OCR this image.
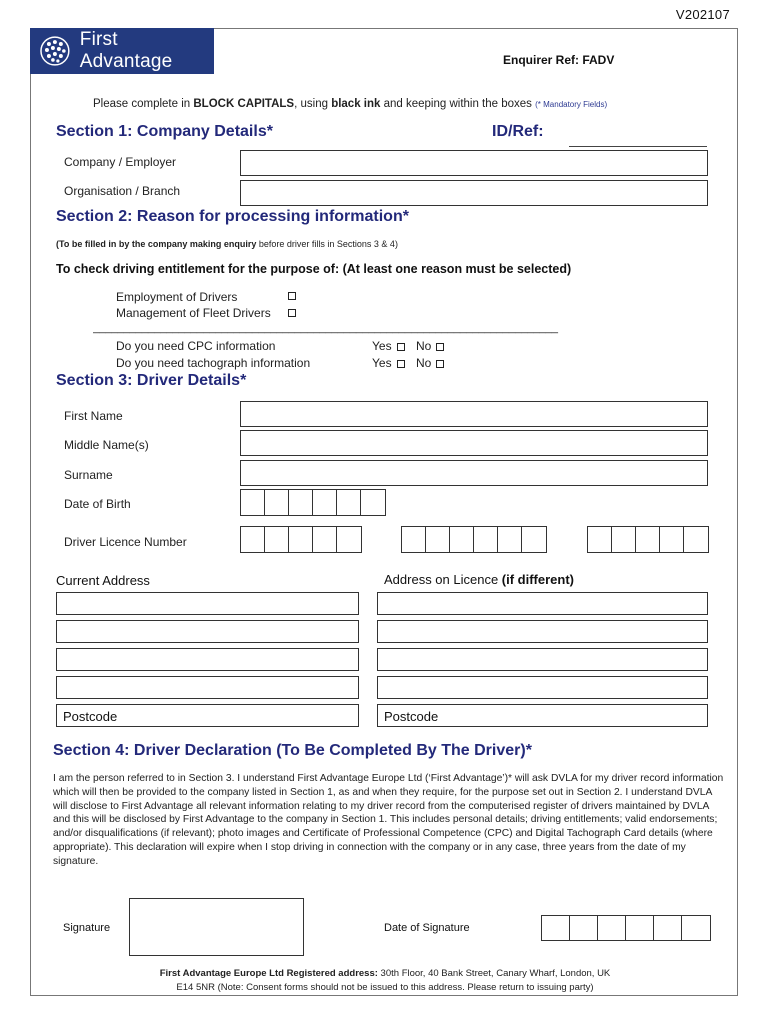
V202107
First Advantage	Enquirer Ref: FADV
Please complete in BLOCK CAPITALS, using black ink and keeping within the boxes (* Mandatory Fields)
Section 1: Company Details*	ID/Ref:
Company / Employer
Organisation / Branch
Section 2: Reason for processing information*
(To be filled in by the company making enquiry before driver fills in Sections 3 & 4)
To check driving entitlement for the purpose of: (At least one reason must be selected)
Employment of Drivers
Management of Fleet Drivers
____________________________________________________________________________
Do you need CPC information	Yes	No
Do you need tachograph information	Yes	No
Section 3: Driver Details*
First Name
Middle Name(s)
Surname
Date of Birth
Driver Licence Number
Current Address	Address on Licence (if different)
Postcode	Postcode
Section 4: Driver Declaration (To Be Completed By The Driver)*
I am the person referred to in Section 3. I understand First Advantage Europe Ltd (‘First Advantage’)* will ask DVLA for my driver record information which will then be provided to the company listed in Section 1, as and when they require, for the purpose set out in Section 2. I understand DVLA will disclose to First Advantage all relevant information relating to my driver record from the computerised register of drivers maintained by DVLA and this will be disclosed by First Advantage to the company in Section 1. This includes personal details; driving entitlements; valid endorsements; and/or disqualifications (if relevant); photo images and Certificate of Professional Competence (CPC) and Digital Tachograph Card details (where appropriate). This declaration will expire when I stop driving in connection with the company or in any case, three years from the date of my signature.
Signature	Date of Signature
First Advantage Europe Ltd Registered address: 30th Floor, 40 Bank Street, Canary Wharf, London, UK
E14 5NR (Note: Consent forms should not be issued to this address. Please return to issuing party)
